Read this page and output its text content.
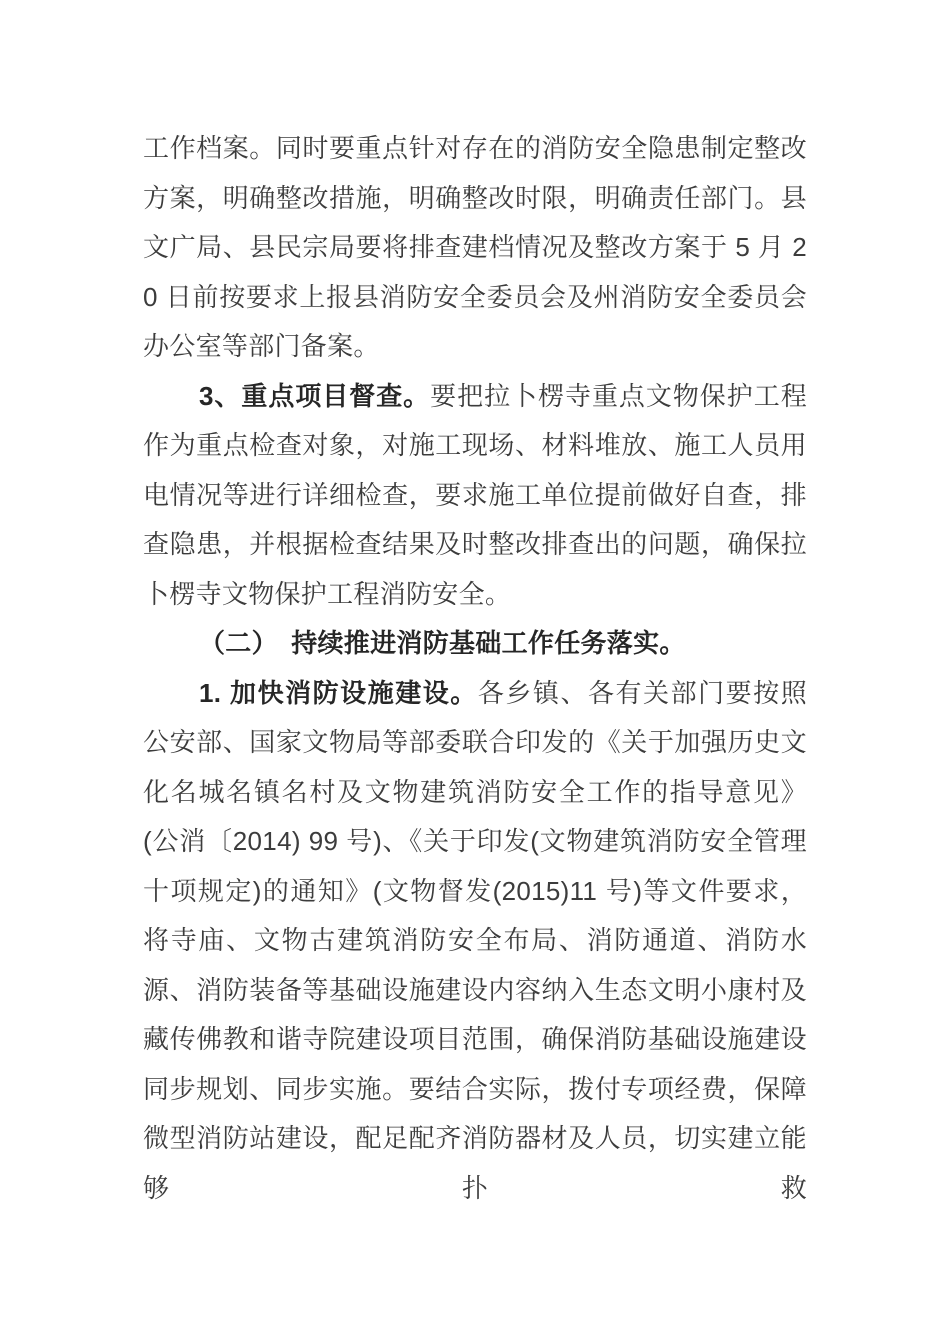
工作档案。同时要重点针对存在的消防安全隐患制定整改方案，明确整改措施，明确整改时限，明确责任部门。县文广局、县民宗局要将排查建档情况及整改方案于 5 月 20 日前按要求上报县消防安全委员会及州消防安全委员会办公室等部门备案。

3、重点项目督查。要把拉卜楞寺重点文物保护工程作为重点检查对象，对施工现场、材料堆放、施工人员用电情况等进行详细检查，要求施工单位提前做好自查，排查隐患，并根据检查结果及时整改排查出的问题，确保拉卜楞寺文物保护工程消防安全。

（二）　持续推进消防基础工作任务落实。

1. 加快消防设施建设。各乡镇、各有关部门要按照公安部、国家文物局等部委联合印发的《关于加强历史文化名城名镇名村及文物建筑消防安全工作的指导意见》(公消〔2014) 99 号)、《关于印发(文物建筑消防安全管理十项规定)的通知》(文物督发(2015)11 号)等文件要求，将寺庙、文物古建筑消防安全布局、消防通道、消防水源、消防装备等基础设施建设内容纳入生态文明小康村及藏传佛教和谐寺院建设项目范围，确保消防基础设施建设同步规划、同步实施。要结合实际，拨付专项经费，保障微型消防站建设，配足配齐消防器材及人员，切实建立能够扑救
